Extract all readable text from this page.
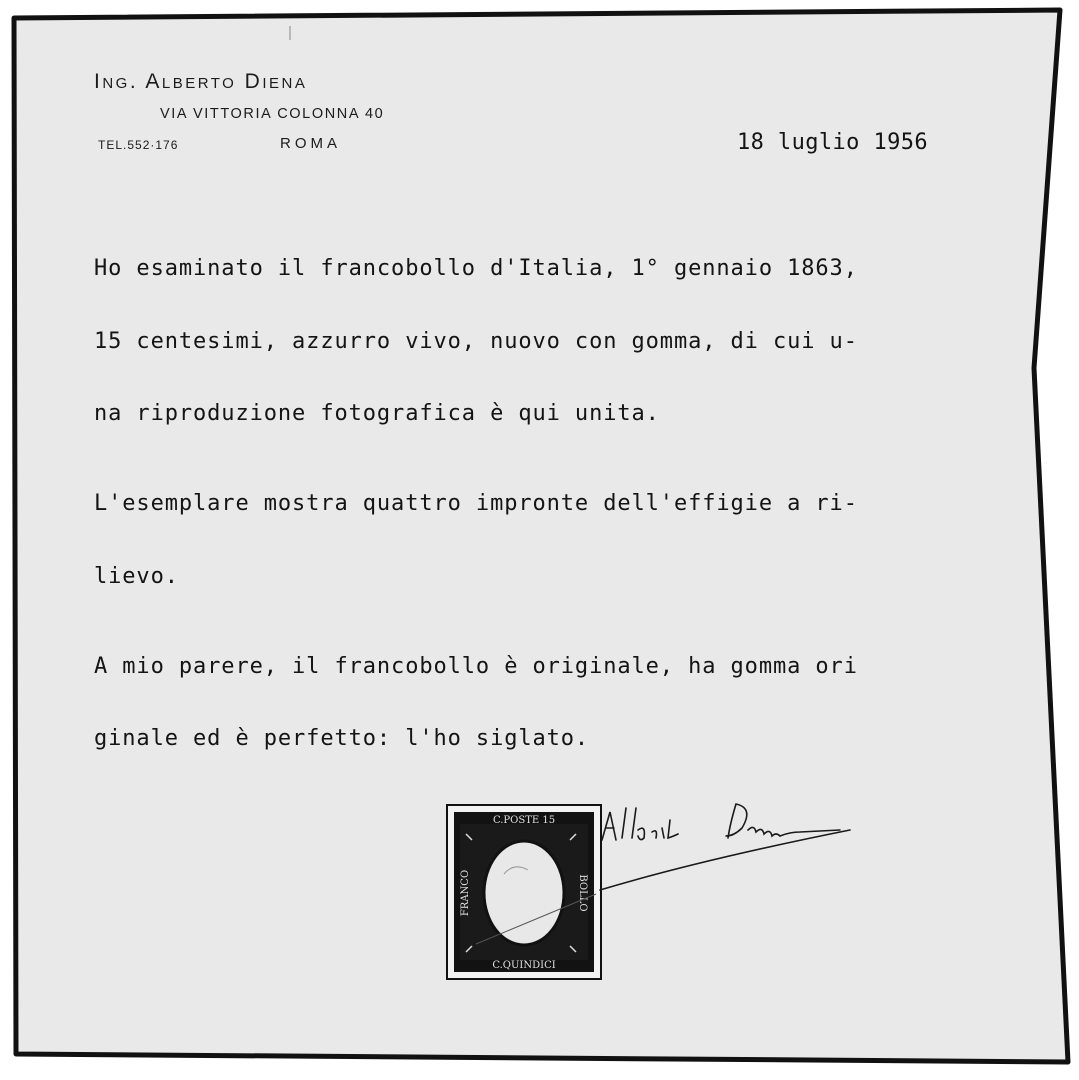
Ing. Alberto Diena
VIA VITTORIA COLONNA 40
TEL.552·176	ROMA	18 luglio 1956
Ho esaminato il francobollo d'Italia, 1° gennaio 1863,
15 centesimi, azzurro vivo, nuovo con gomma, di cui u-
na riproduzione fotografica è qui unita.
L'esemplare mostra quattro impronte dell'effigie a ri-
lievo.
A mio parere, il francobollo è originale, ha gomma ori
ginale ed è perfetto: l'ho siglato.
C.POSTE 15
C.QUINDICI
FRANCO	BOLLO
